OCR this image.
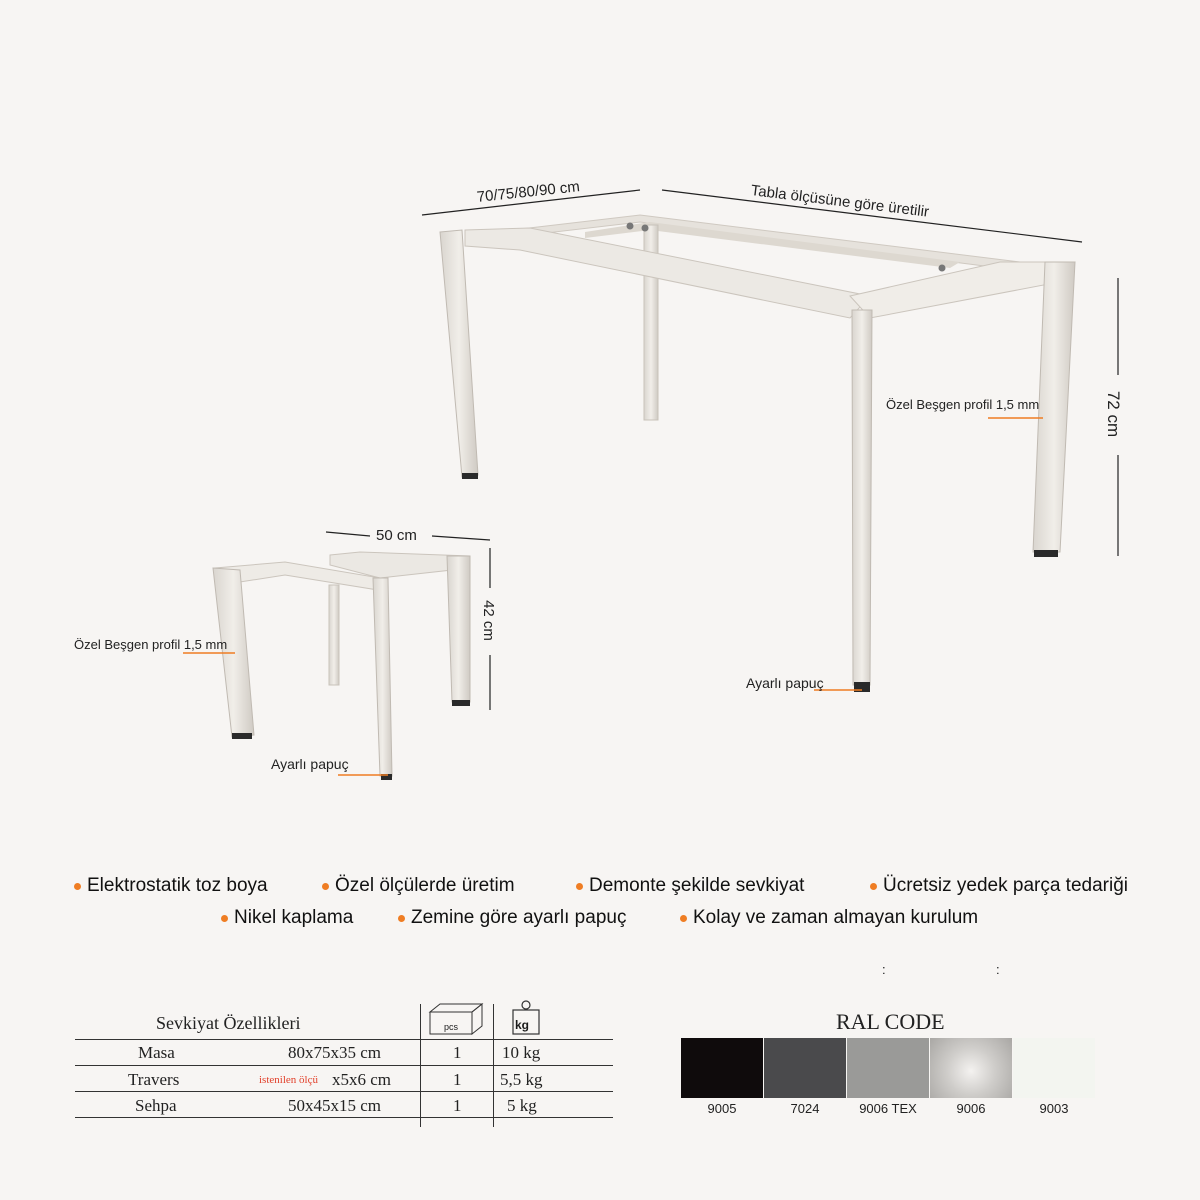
70/75/80/90 cm	Tabla ölçüsüne göre üretilir
72 cm
Özel Beşgen profil 1,5 mm
Ayarlı papuç
50 cm
42 cm
Özel Beşgen profil 1,5 mm
Ayarlı papuç
Elektrostatik toz boya	Özel ölçülerde üretim	Demonte şekilde sevkiyat	Ücretsiz yedek parça tedariği
Nikel kaplama	Zemine göre ayarlı papuç	Kolay ve zaman almayan kurulum
:	:
Sevkiyat Özellikleri	pcs	kg
Masa	80x75x35 cm	1 10 kg
Travers	istenilen ölçü x5x6 cm	1 5,5 kg
Sehpa	50x45x15 cm	1	5 kg
RAL CODE
9005	7024	9006 TEX	9006	9003
